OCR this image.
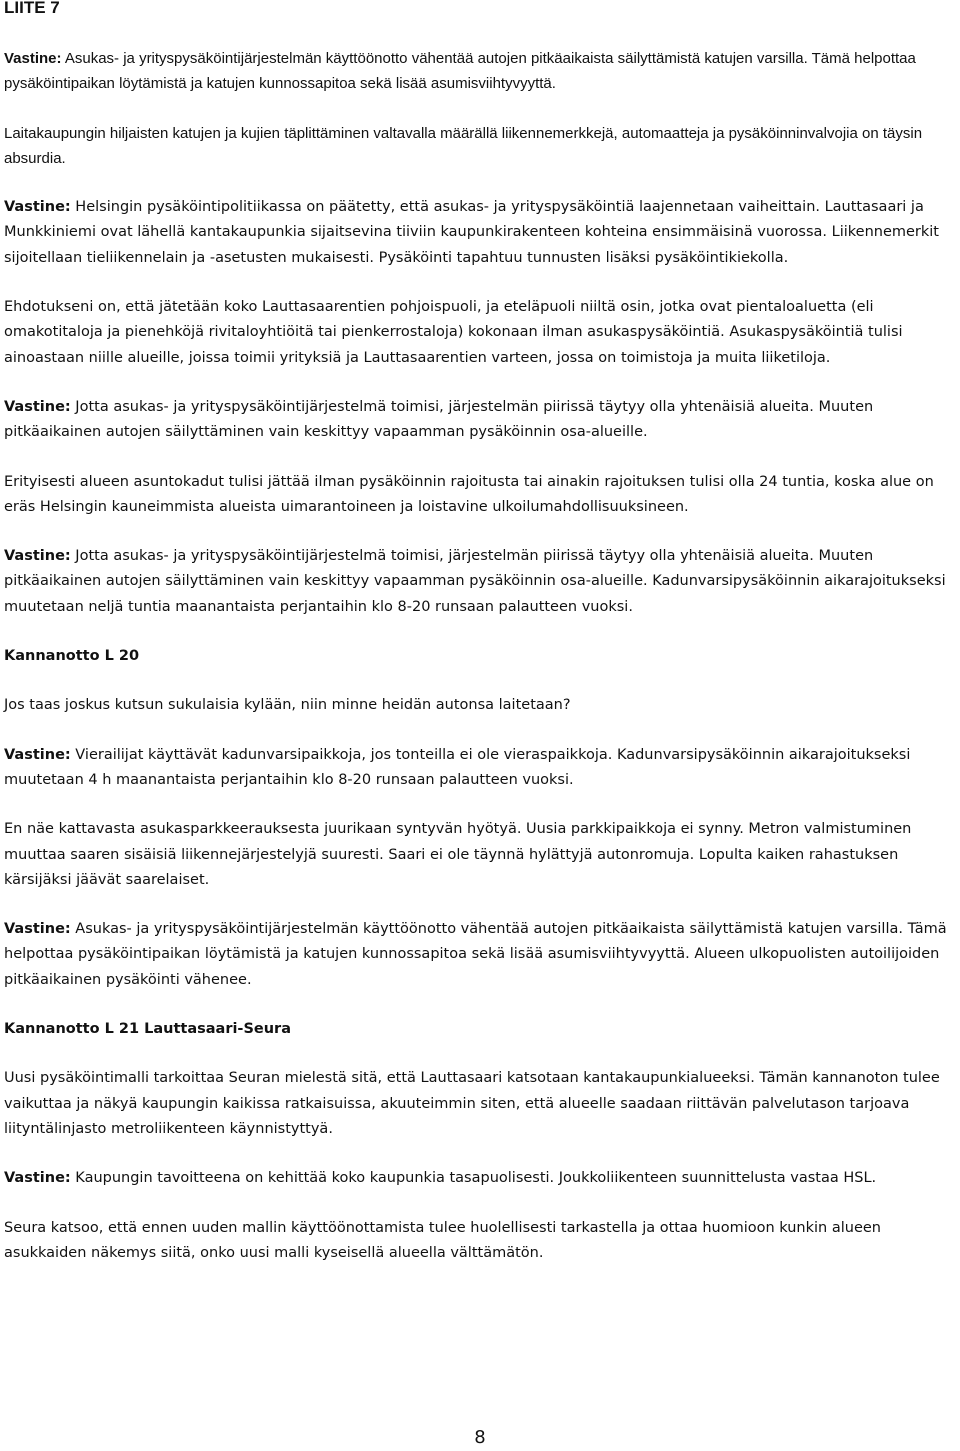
LIITE 7
Vastine: Asukas- ja yrityspysäköintijärjestelmän käyttöönotto vähentää autojen pitkäaikaista säilyttämistä katujen varsilla. Tämä helpottaa pysäköintipaikan löytämistä ja katujen kunnossapitoa sekä lisää asumisviihtyvyyttä.
Laitakaupungin hiljaisten katujen ja kujien täplittäminen valtavalla määrällä liikennemerkkejä, automaatteja ja pysäköinninvalvojia on täysin absurdia.
Vastine: Helsingin pysäköintipolitiikassa on päätetty, että asukas- ja yrityspysäköintiä laajennetaan vaiheittain. Lauttasaari ja Munkkiniemi ovat lähellä kantakaupunkia sijaitsevina tiiviin kaupunkirakenteen kohteina ensimmäisinä vuorossa. Liikennemerkit sijoitellaan tieliikennelain ja -asetusten mukaisesti. Pysäköinti tapahtuu tunnusten lisäksi pysäköintikiekolla.
Ehdotukseni on, että jätetään koko Lauttasaarentien pohjoispuoli, ja eteläpuoli niiltä osin, jotka ovat pientaloaluetta (eli omakotitaloja ja pienehköjä rivitaloyhtiöitä tai pienkerrostaloja) kokonaan ilman asukaspysäköintiä. Asukaspysäköintiä tulisi ainoastaan niille alueille, joissa toimii yrityksiä ja Lauttasaarentien varteen, jossa on toimistoja ja muita liiketiloja.
Vastine: Jotta asukas- ja yrityspysäköintijärjestelmä toimisi, järjestelmän piirissä täytyy olla yhtenäisiä alueita. Muuten pitkäaikainen autojen säilyttäminen vain keskittyy vapaamman pysäköinnin osa-alueille.
Erityisesti alueen asuntokadut tulisi jättää ilman pysäköinnin rajoitusta tai ainakin rajoituksen tulisi olla 24 tuntia, koska alue on eräs Helsingin kauneimmista alueista uimarantoineen ja loistavine ulkoilumahdollisuuksineen.
Vastine: Jotta asukas- ja yrityspysäköintijärjestelmä toimisi, järjestelmän piirissä täytyy olla yhtenäisiä alueita. Muuten pitkäaikainen autojen säilyttäminen vain keskittyy vapaamman pysäköinnin osa-alueille. Kadunvarsipysäköinnin aikarajoitukseksi muutetaan neljä tuntia maanantaista perjantaihin klo 8-20 runsaan palautteen vuoksi.
Kannanotto L 20
Jos taas joskus kutsun sukulaisia kylään, niin minne heidän autonsa laitetaan?
Vastine: Vierailijat käyttävät kadunvarsipaikkoja, jos tonteilla ei ole vieraspaikkoja. Kadunvarsipysäköinnin aikarajoitukseksi muutetaan 4 h maanantaista perjantaihin klo 8-20 runsaan palautteen vuoksi.
En näe kattavasta asukasparkkeerauksesta juurikaan syntyvän hyötyä. Uusia parkkipaikkoja ei synny. Metron valmistuminen muuttaa saaren sisäisiä liikennejärjestelyjä suuresti. Saari ei ole täynnä hylättyjä autonromuja. Lopulta kaiken rahastuksen kärsijäksi jäävät saarelaiset.
Vastine: Asukas- ja yrityspysäköintijärjestelmän käyttöönotto vähentää autojen pitkäaikaista säilyttämistä katujen varsilla. Tämä helpottaa pysäköintipaikan löytämistä ja katujen kunnossapitoa sekä lisää asumisviihtyvyyttä. Alueen ulkopuolisten autoilijoiden pitkäaikainen pysäköinti vähenee.
Kannanotto L 21 Lauttasaari-Seura
Uusi pysäköintimalli tarkoittaa Seuran mielestä sitä, että Lauttasaari katsotaan kantakaupunkialueeksi. Tämän kannanoton tulee vaikuttaa ja näkyä kaupungin kaikissa ratkaisuissa, akuuteimmin siten, että alueelle saadaan riittävän palvelutason tarjoava liityntälinjasto metroliikenteen käynnistyttyä.
Vastine: Kaupungin tavoitteena on kehittää koko kaupunkia tasapuolisesti. Joukkoliikenteen suunnittelusta vastaa HSL.
Seura katsoo, että ennen uuden mallin käyttöönottamista tulee huolellisesti tarkastella ja ottaa huomioon kunkin alueen asukkaiden näkemys siitä, onko uusi malli kyseisellä alueella välttämätön.
8
